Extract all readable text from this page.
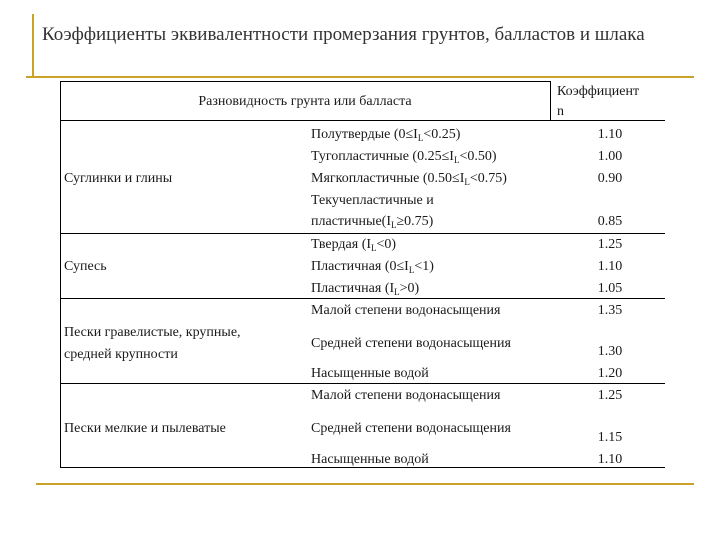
Коэффициенты эквивалентности промерзания грунтов, балластов и шлака
Разновидность грунта или балласта
Коэффициент
n
Суглинки и глины
Полутвердые $(0\le I_L<0.25)$
Тугопластичные $(0.25\le I_L<0.50)$
Мягкопластичные $(0.50\le I_L<0.75)$
Текучепластичные и
$пластичные(I_L\ge 0.75)$
1.10
1.00
0.90
0.85
Супесь
Твердая $(I_L<0)$
Пластичная $(0\le I_L<1)$
Пластичная $(I_L>0)$
1.25
1.10
1.05
Пески гравелистые, крупные,
средней крупности
Малой степени водонасыщения
Средней степени водонасыщения
Насыщенные водой
1.35
1.30
1.20
Пески мелкие и пылеватые
Малой степени водонасыщения
Средней степени водонасыщения
Насыщенные водой
1.25
1.15
1.10
